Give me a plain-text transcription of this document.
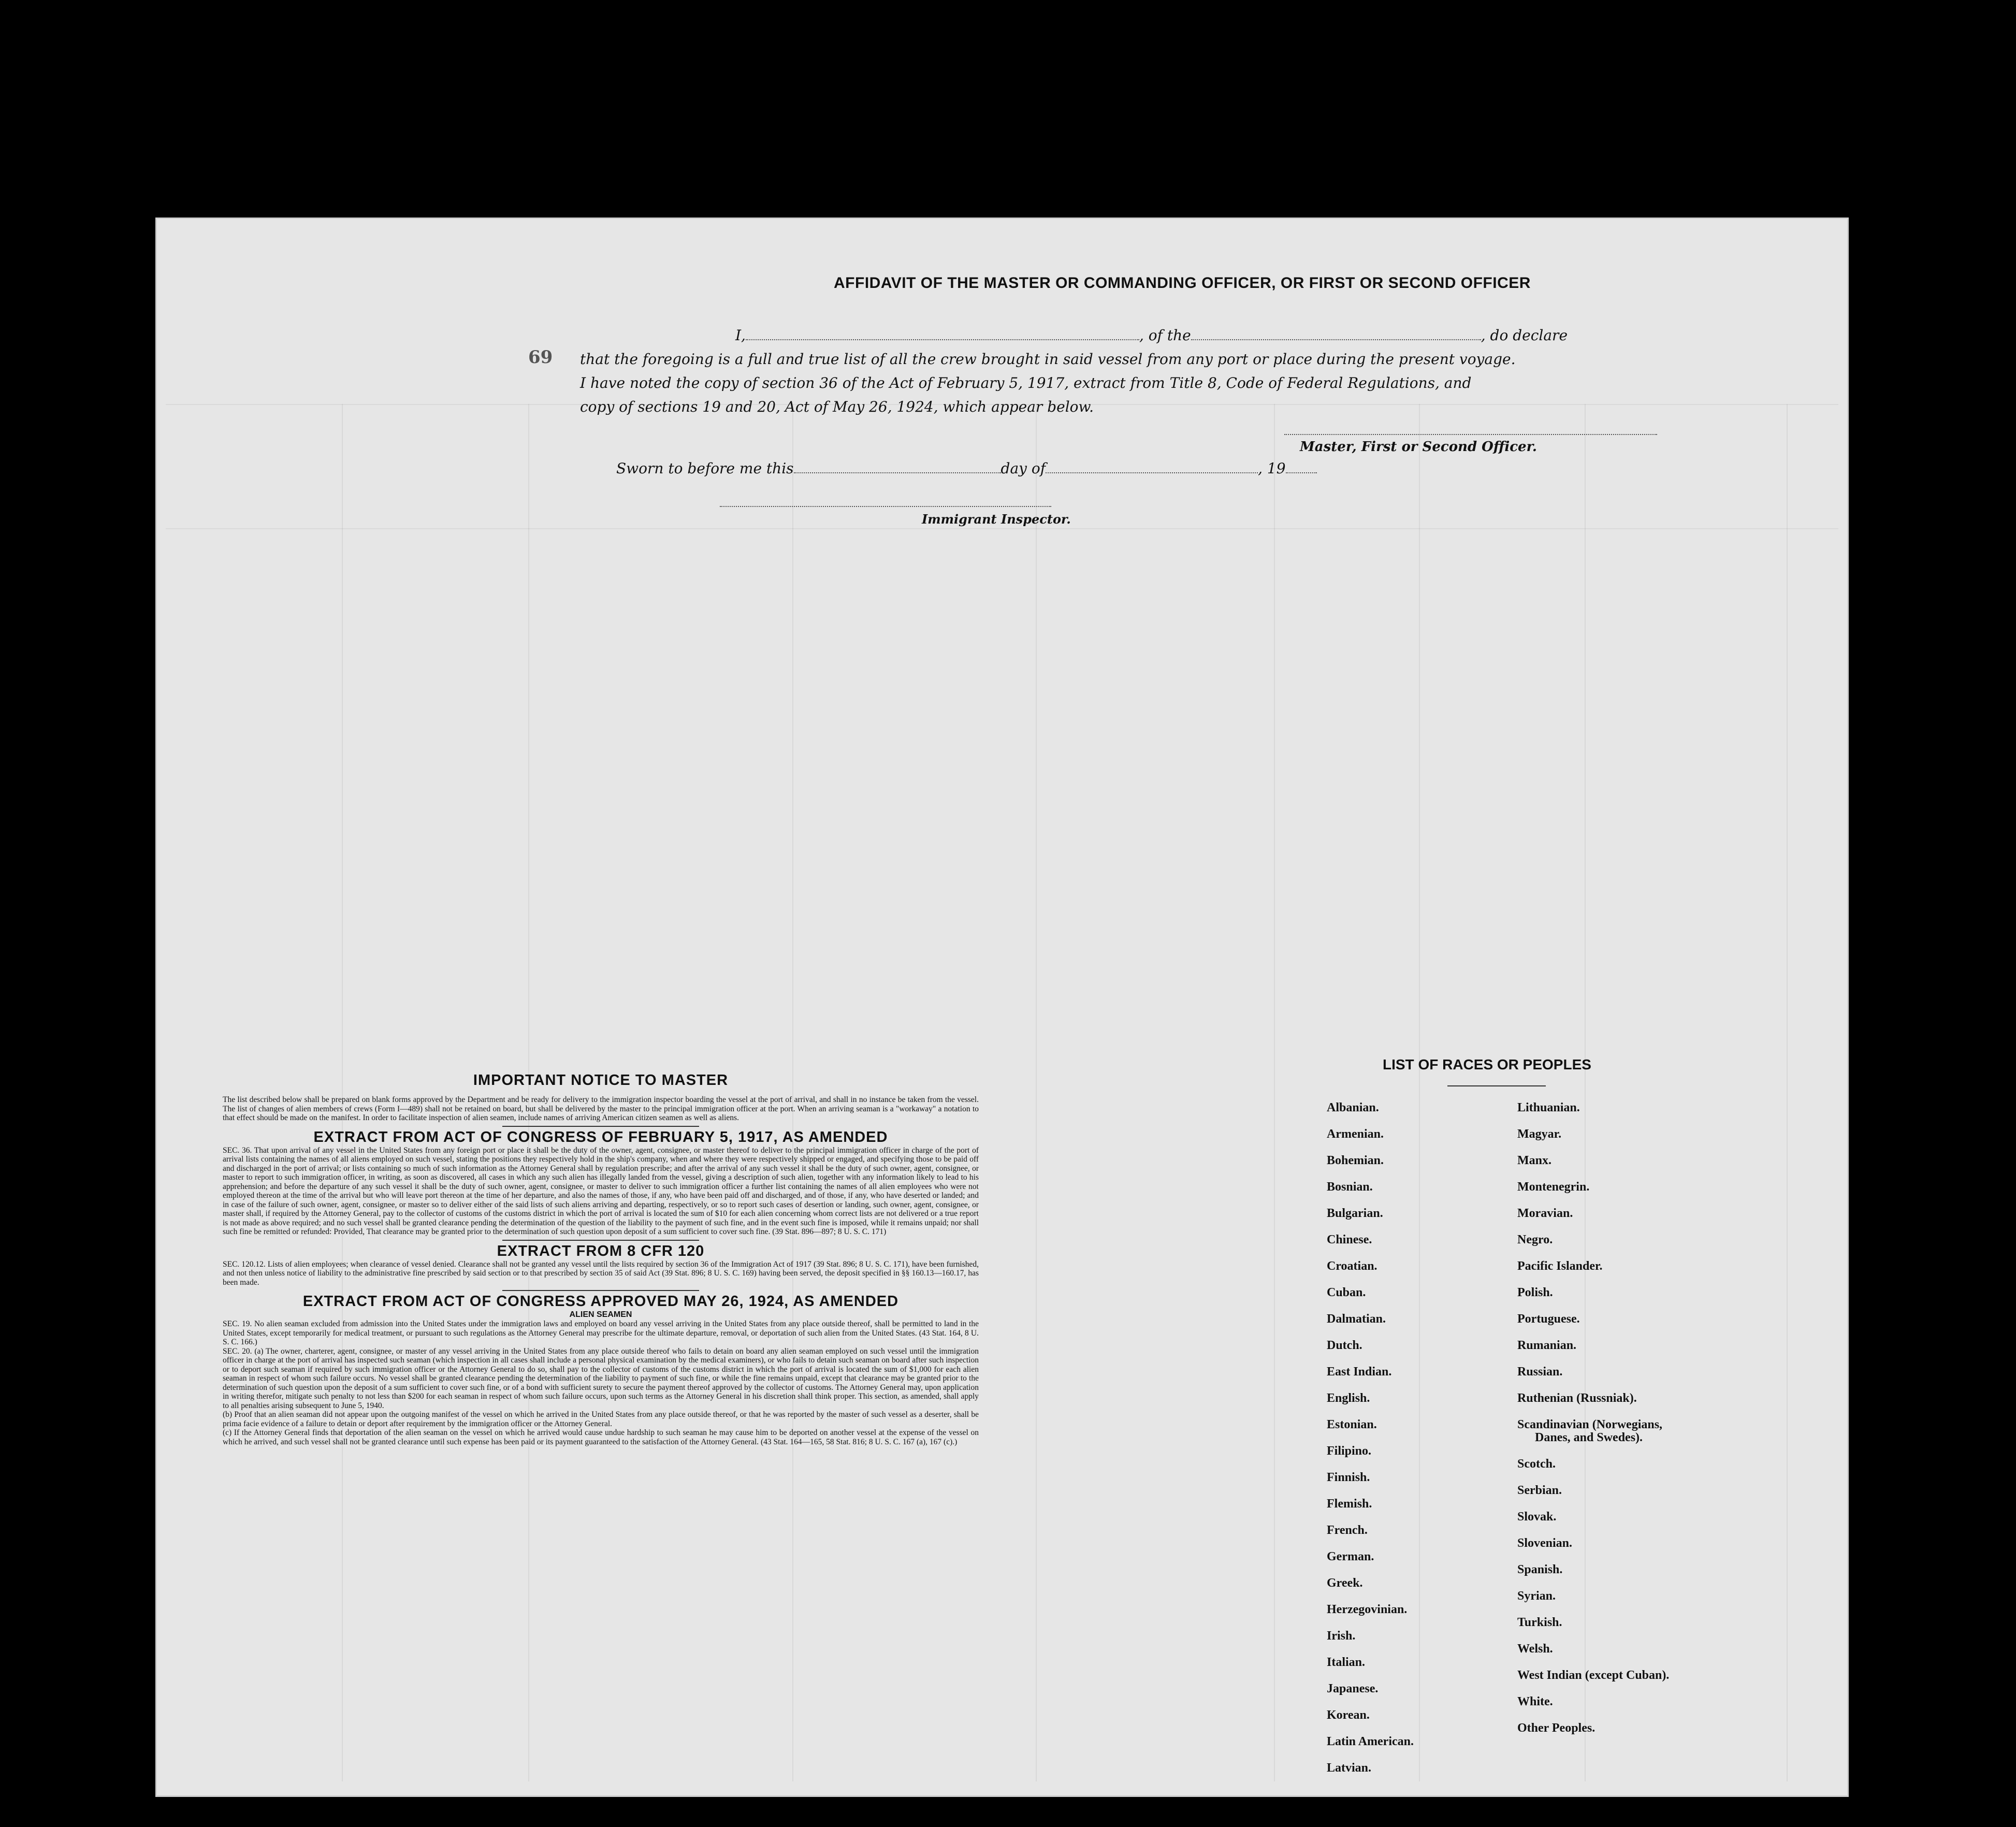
69
AFFIDAVIT OF THE MASTER OR COMMANDING OFFICER, OR FIRST OR SECOND OFFICER
I,	, of the	, do declare
that the foregoing is a full and true list of all the crew brought in said vessel from any port or place during the present voyage.
I have noted the copy of section 36 of the Act of February 5, 1917, extract from Title 8, Code of Federal Regulations, and
copy of sections 19 and 20, Act of May 26, 1924, which appear below.
Master, First or Second Officer.
Sworn to before me this	day of	, 19
Immigrant Inspector.
IMPORTANT NOTICE TO MASTER

The list described below shall be prepared on blank forms approved by the Department and be ready for delivery to the immigration inspector boarding the vessel at the port of arrival, and shall in no instance be taken from the vessel. The list of changes of alien members of crews (Form I—489) shall not be retained on board, but shall be delivered by the master to the principal immigration officer at the port. When an arriving seaman is a "workaway" a notation to that effect should be made on the manifest. In order to facilitate inspection of alien seamen, include names of arriving American citizen seamen as well as aliens.

EXTRACT FROM ACT OF CONGRESS OF FEBRUARY 5, 1917, AS AMENDED

SEC. 36. That upon arrival of any vessel in the United States from any foreign port or place it shall be the duty of the owner, agent, consignee, or master thereof to deliver to the principal immigration officer in charge of the port of arrival lists containing the names of all aliens employed on such vessel, stating the positions they respectively hold in the ship's company, when and where they were respectively shipped or engaged, and specifying those to be paid off and discharged in the port of arrival; or lists containing so much of such information as the Attorney General shall by regulation prescribe; and after the arrival of any such vessel it shall be the duty of such owner, agent, consignee, or master to report to such immigration officer, in writing, as soon as discovered, all cases in which any such alien has illegally landed from the vessel, giving a description of such alien, together with any information likely to lead to his apprehension; and before the departure of any such vessel it shall be the duty of such owner, agent, consignee, or master to deliver to such immigration officer a further list containing the names of all alien employees who were not employed thereon at the time of the arrival but who will leave port thereon at the time of her departure, and also the names of those, if any, who have been paid off and discharged, and of those, if any, who have deserted or landed; and in case of the failure of such owner, agent, consignee, or master so to deliver either of the said lists of such aliens arriving and departing, respectively, or so to report such cases of desertion or landing, such owner, agent, consignee, or master shall, if required by the Attorney General, pay to the collector of customs of the customs district in which the port of arrival is located the sum of $10 for each alien concerning whom correct lists are not delivered or a true report is not made as above required; and no such vessel shall be granted clearance pending the determination of the question of the liability to the payment of such fine, and in the event such fine is imposed, while it remains unpaid; nor shall such fine be remitted or refunded: Provided, That clearance may be granted prior to the determination of such question upon deposit of a sum sufficient to cover such fine. (39 Stat. 896—897; 8 U. S. C. 171)

EXTRACT FROM 8 CFR 120

SEC. 120.12. Lists of alien employees; when clearance of vessel denied. Clearance shall not be granted any vessel until the lists required by section 36 of the Immigration Act of 1917 (39 Stat. 896; 8 U. S. C. 171), have been furnished, and not then unless notice of liability to the administrative fine prescribed by said section or to that prescribed by section 35 of said Act (39 Stat. 896; 8 U. S. C. 169) having been served, the deposit specified in §§ 160.13—160.17, has been made.

EXTRACT FROM ACT OF CONGRESS APPROVED MAY 26, 1924, AS AMENDED
ALIEN SEAMEN

SEC. 19. No alien seaman excluded from admission into the United States under the immigration laws and employed on board any vessel arriving in the United States from any place outside thereof, shall be permitted to land in the United States, except temporarily for medical treatment, or pursuant to such regulations as the Attorney General may prescribe for the ultimate departure, removal, or deportation of such alien from the United States. (43 Stat. 164, 8 U. S. C. 166.)

SEC. 20. (a) The owner, charterer, agent, consignee, or master of any vessel arriving in the United States from any place outside thereof who fails to detain on board any alien seaman employed on such vessel until the immigration officer in charge at the port of arrival has inspected such seaman (which inspection in all cases shall include a personal physical examination by the medical examiners), or who fails to detain such seaman on board after such inspection or to deport such seaman if required by such immigration officer or the Attorney General to do so, shall pay to the collector of customs of the customs district in which the port of arrival is located the sum of $1,000 for each alien seaman in respect of whom such failure occurs. No vessel shall be granted clearance pending the determination of the liability to payment of such fine, or while the fine remains unpaid, except that clearance may be granted prior to the determination of such question upon the deposit of a sum sufficient to cover such fine, or of a bond with sufficient surety to secure the payment thereof approved by the collector of customs. The Attorney General may, upon application in writing therefor, mitigate such penalty to not less than $200 for each seaman in respect of whom such failure occurs, upon such terms as the Attorney General in his discretion shall think proper. This section, as amended, shall apply to all penalties arising subsequent to June 5, 1940.

(b) Proof that an alien seaman did not appear upon the outgoing manifest of the vessel on which he arrived in the United States from any place outside thereof, or that he was reported by the master of such vessel as a deserter, shall be prima facie evidence of a failure to detain or deport after requirement by the immigration officer or the Attorney General.

(c) If the Attorney General finds that deportation of the alien seaman on the vessel on which he arrived would cause undue hardship to such seaman he may cause him to be deported on another vessel at the expense of the vessel on which he arrived, and such vessel shall not be granted clearance until such expense has been paid or its payment guaranteed to the satisfaction of the Attorney General. (43 Stat. 164—165, 58 Stat. 816; 8 U. S. C. 167 (a), 167 (c).)

LIST OF RACES OR PEOPLES
Albanian.
Armenian.
Bohemian.
Bosnian.
Bulgarian.
Chinese.
Croatian.
Cuban.
Dalmatian.
Dutch.
East Indian.
English.
Estonian.
Filipino.
Finnish.
Flemish.
French.
German.
Greek.
Herzegovinian.
Irish.
Italian.
Japanese.
Korean.
Latin American.
Latvian.
Lithuanian.
Magyar.
Manx.
Montenegrin.
Moravian.
Negro.
Pacific Islander.
Polish.
Portuguese.
Rumanian.
Russian.
Ruthenian (Russniak).
Scandinavian (Norwegians,
Danes, and Swedes).
Scotch.
Serbian.
Slovak.
Slovenian.
Spanish.
Syrian.
Turkish.
Welsh.
West Indian (except Cuban).
White.
Other Peoples.
